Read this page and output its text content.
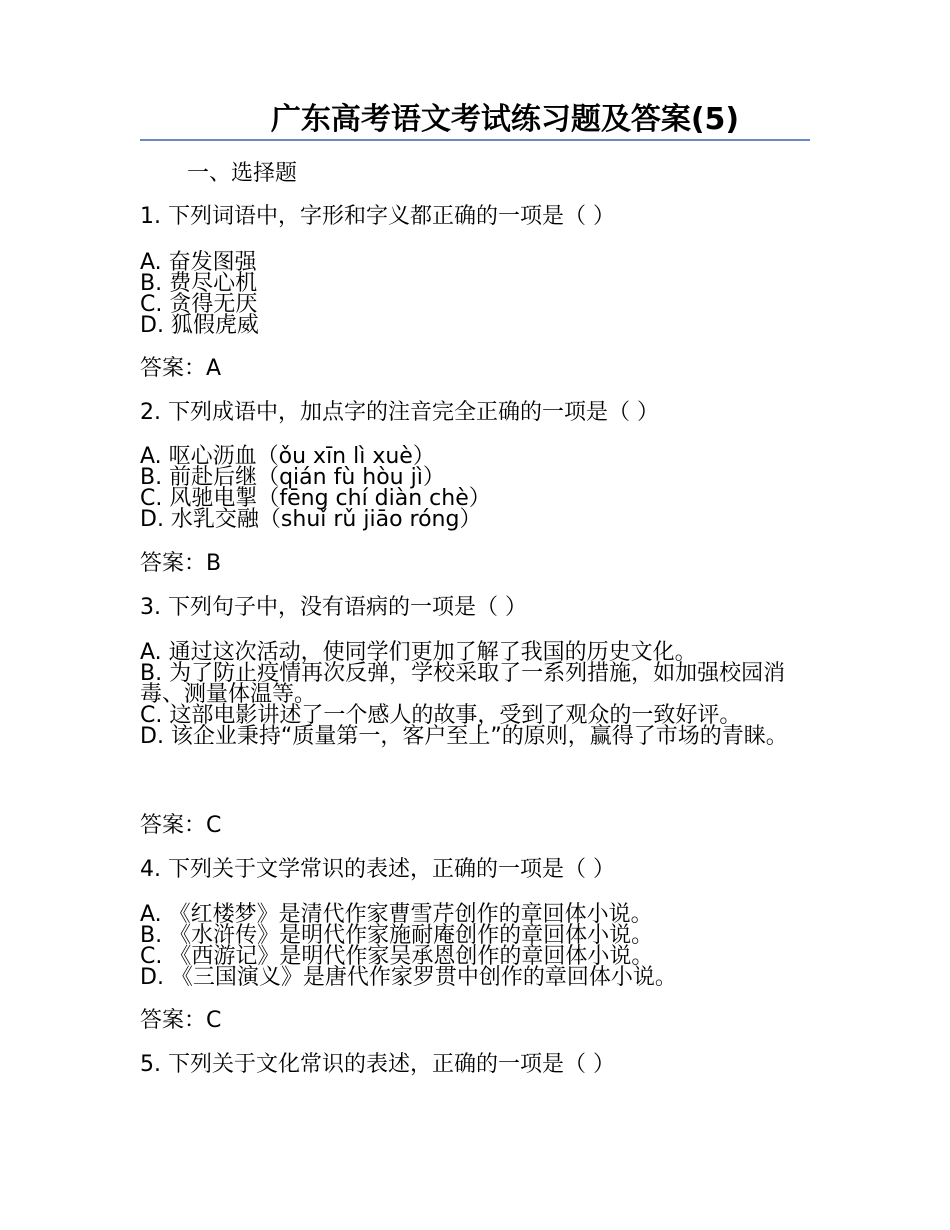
广东高考语文考试练习题及答案(5)
一、选择题
1. 下列词语中，字形和字义都正确的一项是（ ）

A. 奋发图强

B. 费尽心机

C. 贪得无厌

D. 狐假虎威

答案：A
2. 下列成语中，加点字的注音完全正确的一项是（ ）

A. 呕心沥血（ǒu xīn lì xuè）

B. 前赴后继（qián fù hòu jì）

C. 风驰电掣（fēng chí diàn chè）

D. 水乳交融（shuǐ rǔ jiāo róng）

答案：B
3. 下列句子中，没有语病的一项是（ ）

A. 通过这次活动，使同学们更加了解了我国的历史文化。

B. 为了防止疫情再次反弹，学校采取了一系列措施，如加强校园消毒、测量体温等。

C. 这部电影讲述了一个感人的故事，受到了观众的一致好评。

D. 该企业秉持“质量第一，客户至上”的原则，赢得了市场的青睐。

答案：C
4. 下列关于文学常识的表述，正确的一项是（ ）

A. 《红楼梦》是清代作家曹雪芹创作的章回体小说。

B. 《水浒传》是明代作家施耐庵创作的章回体小说。

C. 《西游记》是明代作家吴承恩创作的章回体小说。

D. 《三国演义》是唐代作家罗贯中创作的章回体小说。

答案：C
5. 下列关于文化常识的表述，正确的一项是（ ）
